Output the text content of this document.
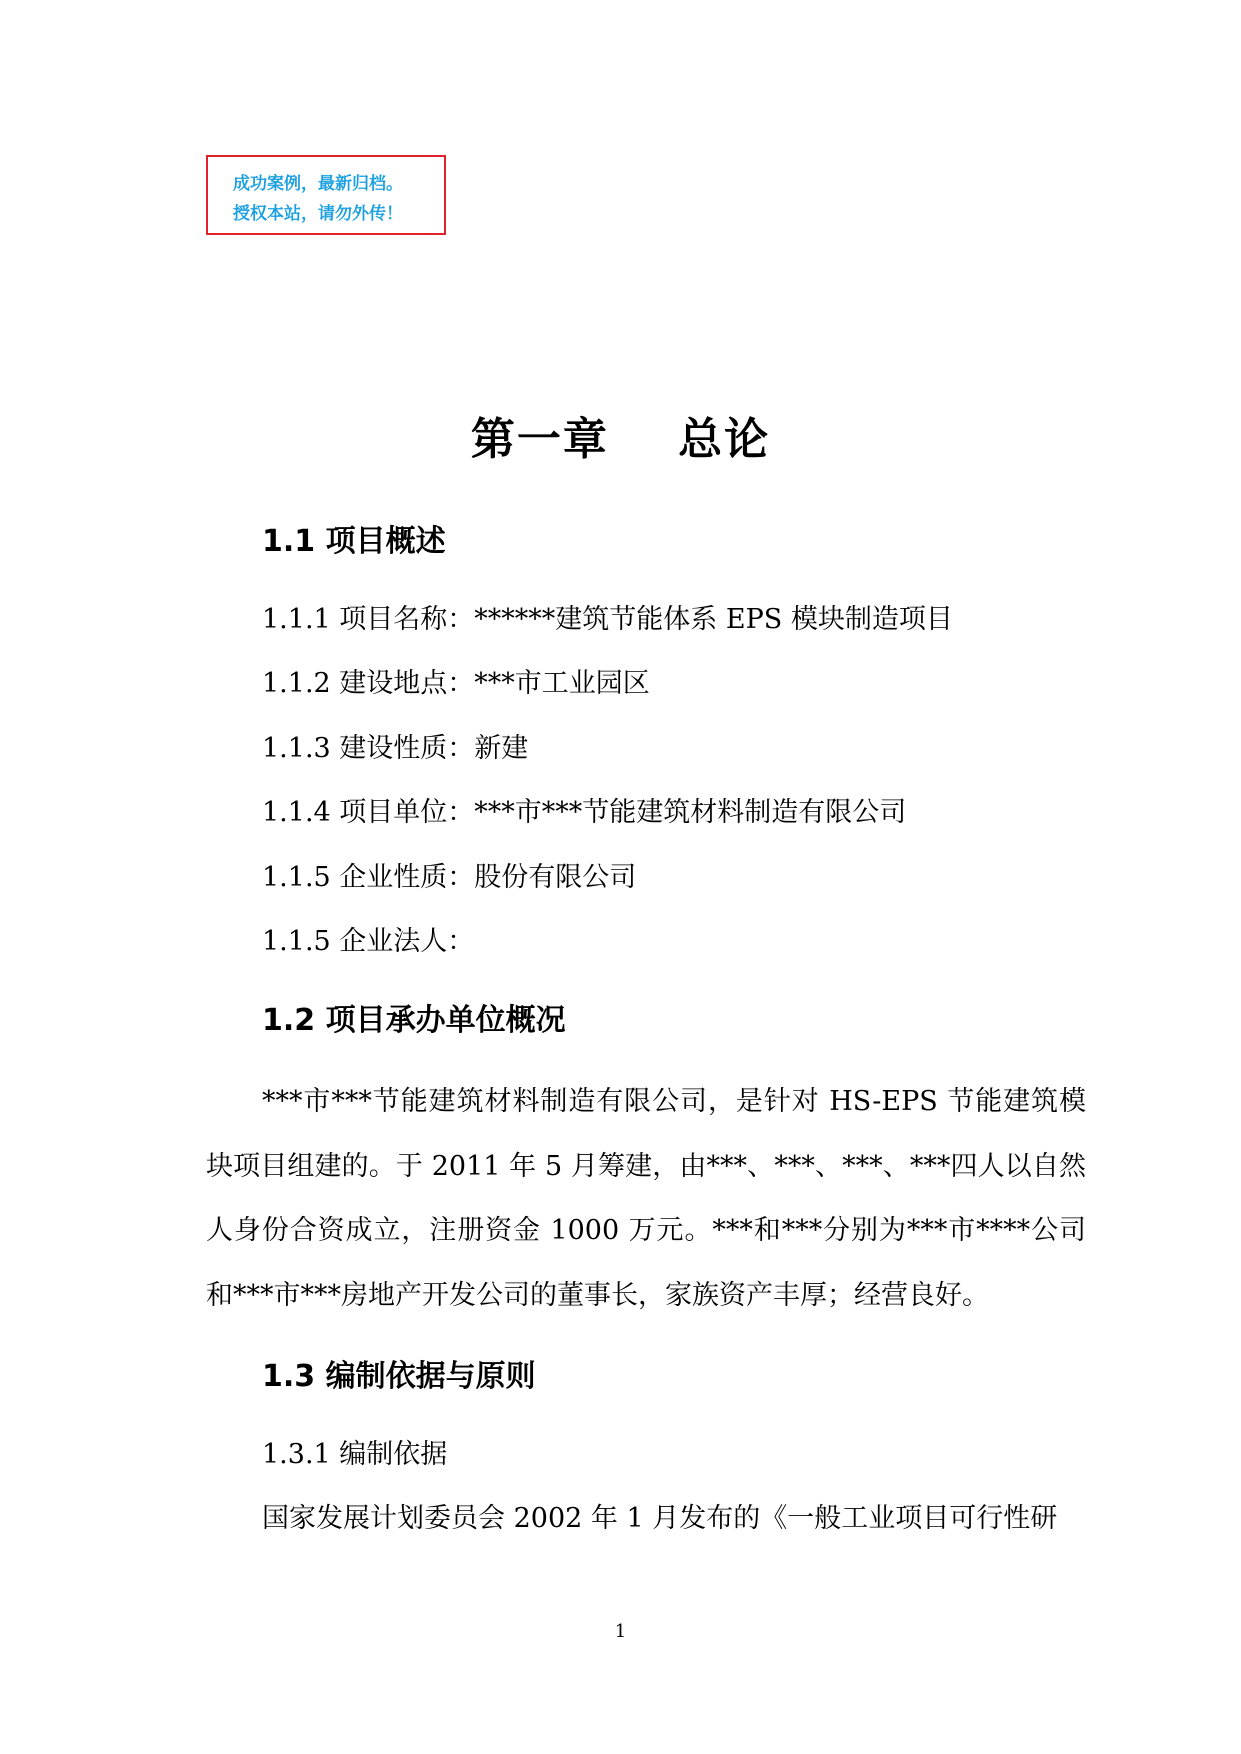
成功案例，最新归档。
授权本站，请勿外传！
第一章    总论
1.1 项目概述
1.1.1 项目名称：******建筑节能体系 EPS 模块制造项目
1.1.2 建设地点：***市工业园区
1.1.3 建设性质：新建
1.1.4 项目单位：***市***节能建筑材料制造有限公司
1.1.5 企业性质：股份有限公司
1.1.5 企业法人：
1.2 项目承办单位概况
***市***节能建筑材料制造有限公司，是针对 HS-EPS 节能建筑模块项目组建的。于 2011 年 5 月筹建，由***、***、***、***四人以自然人身份合资成立，注册资金 1000 万元。***和***分别为***市****公司和***市***房地产开发公司的董事长，家族资产丰厚；经营良好。
1.3 编制依据与原则
1.3.1 编制依据
国家发展计划委员会 2002 年 1 月发布的《一般工业项目可行性研
1
